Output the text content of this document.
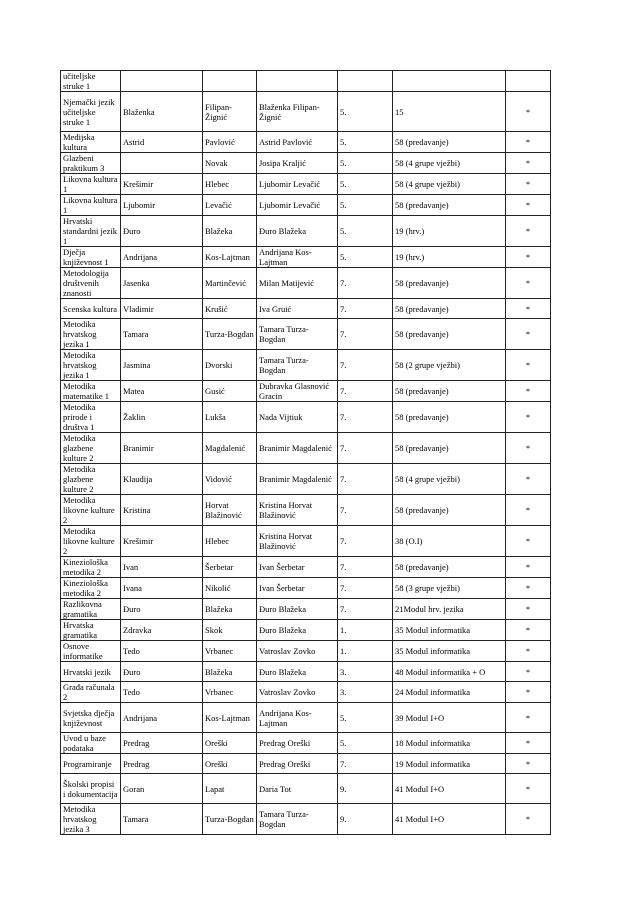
učiteljske struke 1						
Njemački jezik učiteljske struke 1	Blaženka	Filipan-Žignić	Blaženka Filipan-Žignić	5.	15	*
Medijska kultura	Astrid	Pavlović	Astrid Pavlović	5.	58 (predavanje)	*
Glazbeni praktikum 3		Novak	Josipa Kraljić	5.	58 (4 grupe vježbi)	*
Likovna kultura 1	Krešimir	Hlebec	Ljubomir Levačić	5.	58 (4 grupe vježbi)	*
Likovna kultura 1	Ljubomir	Levačić	Ljubomir Levačić	5.	58 (predavanje)	*
Hrvatski standardni jezik 1	Đuro	Blažeka	Đuro Blažeka	5.	19 (hrv.)	*
Dječja književnost 1	Andrijana	Kos-Lajtman	Andrijana Kos-Lajtman	5.	19 (hrv.)	*
Metodologija društvenih znanosti	Jasenka	Martinčević	Milan Matijević	7.	58 (predavanje)	*
Scenska kultura	Vladimir	Krušić	Iva Gruić	7.	58 (predavanje)	*
Metodika hrvatskog jezika 1	Tamara	Turza-Bogdan	Tamara Turza-Bogdan	7.	58 (predavanje)	*
Metodika hrvatskog jezika 1	Jasmina	Dvorski	Tamara Turza-Bogdan	7.	58 (2 grupe vježbi)	*
Metodika matematike 1	Matea	Gusić	Dubravka Glasnović Gracin	7.	58 (predavanje)	*
Metodika prirode i društva 1	Žaklin	Lukša	Nada Vijtiuk	7.	58 (predavanje)	*
Metodika glazbene kulture 2	Branimir	Magdalenić	Branimir Magdalenić	7.	58 (predavanje)	*
Metodika glazbene kulture 2	Klaudija	Vidović	Branimir Magdalenić	7.	58 (4 grupe vježbi)	*
Metodika likovne kulture 2	Kristina	Horvat Blažinović	Kristina Horvat Blažinović	7.	58 (predavanje)	*
Metodika likovne kulture 2	Krešimir	Hlebec	Kristina Horvat Blažinović	7.	38 (O.I)	*
Kineziološka metodika 2	Ivan	Šerbetar	Ivan Šerbetar	7.	58 (predavanje)	*
Kineziološka metodika 2	Ivana	Nikolić	Ivan Šerbetar	7.	58 (3 grupe vježbi)	*
Razlikovna gramatika	Đuro	Blažeka	Đuro Blažeka	7.	21Modul hrv. jezika	*
Hrvatska gramatika	Zdravka	Skok	Đuro Blažeka	1.	35 Modul informatika	*
Osnove informatike	Tedo	Vrbanec	Vatroslav Zovko	1.	35 Modul informatika	*
Hrvatski jezik	Đuro	Blažeka	Đuro Blažeka	3.	48 Modul informatika + O	*
Građa računala 2	Tedo	Vrbanec	Vatroslav Zovko	3.	24 Modul informatika	*
Svjetska dječja književnost	Andrijana	Kos-Lajtman	Andrijana Kos-Lajtman	5.	39 Modul I+O	*
Uvod u baze podataka	Predrag	Oreški	Predrag Oreški	5.	18 Modul informatika	*
Programiranje	Predrag	Oreški	Predrag Oreški	7.	19 Modul informatika	*
Školski propisi i dokumentacija	Goran	Lapat	Daria Tot	9.	41 Modul I+O	*
Metodika hrvatskog jezika 3	Tamara	Turza-Bogdan	Tamara Turza-Bogdan	9.	41 Modul I+O	*
